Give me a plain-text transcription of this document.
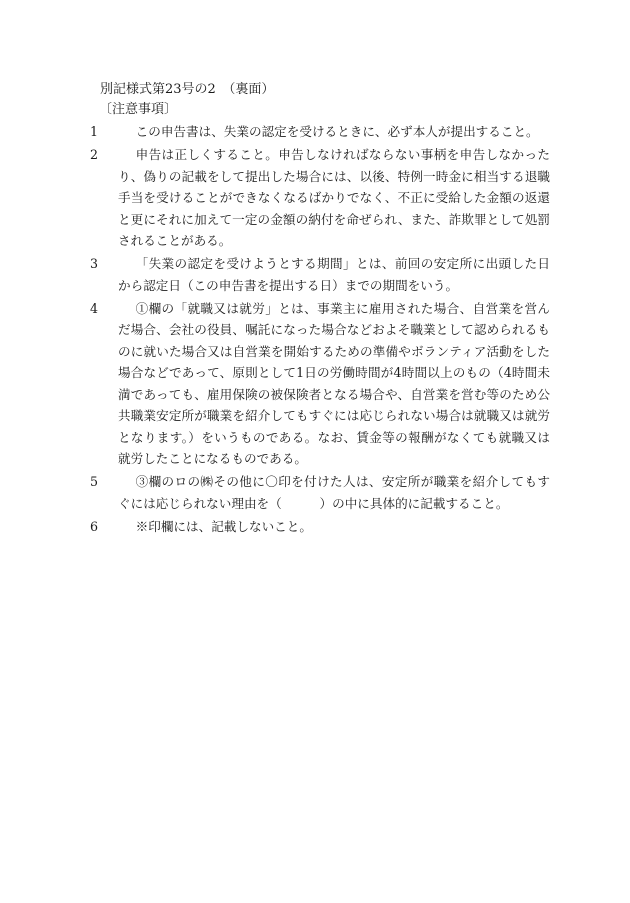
別記様式第23号の2　（裏面）
〔注意事項〕
1	この申告書は、失業の認定を受けるときに、必ず本人が提出すること。
2	申告は正しくすること。申告しなければならない事柄を申告しなかったり、偽りの記載をして提出した場合には、以後、特例一時金に相当する退職手当を受けることができなくなるばかりでなく、不正に受給した金額の返還と更にそれに加えて一定の金額の納付を命ぜられ、また、詐欺罪として処罰されることがある。
3	「失業の認定を受けようとする期間」とは、前回の安定所に出頭した日から認定日（この申告書を提出する日）までの期間をいう。
4	①欄の「就職又は就労」とは、事業主に雇用された場合、自営業を営んだ場合、会社の役員、嘱託になった場合などおよそ職業として認められるものに就いた場合又は自営業を開始するための準備やボランティア活動をした場合などであって、原則として1日の労働時間が4時間以上のもの（4時間未満であっても、雇用保険の被保険者となる場合や、自営業を営む等のため公共職業安定所が職業を紹介してもすぐには応じられない場合は就職又は就労となります。）をいうものである。なお、賃金等の報酬がなくても就職又は就労したことになるものである。
5	③欄のロの㈱その他に〇印を付けた人は、安定所が職業を紹介してもすぐには応じられない理由を（　　　）の中に具体的に記載すること。
6	※印欄には、記載しないこと。
